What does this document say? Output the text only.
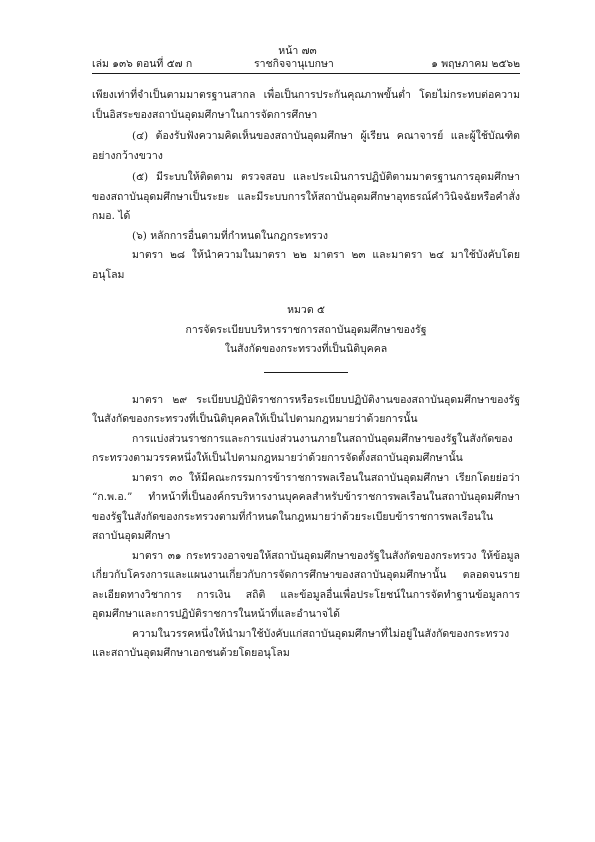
หน้า ๗๓
เล่ม ๑๓๖ ตอนที่ ๕๗ ก	ราชกิจจานุเบกษา	๑ พฤษภาคม ๒๕๖๒

เพียงเท่าที่จำเป็นตามมาตรฐานสากล เพื่อเป็นการประกันคุณภาพขั้นต่ำ โดยไม่กระทบต่อความเป็นอิสระของสถาบันอุดมศึกษาในการจัดการศึกษา

(๔) ต้องรับฟังความคิดเห็นของสถาบันอุดมศึกษา ผู้เรียน คณาจารย์ และผู้ใช้บัณฑิตอย่างกว้างขวาง

(๕) มีระบบให้ติดตาม ตรวจสอบ และประเมินการปฏิบัติตามมาตรฐานการอุดมศึกษาของสถาบันอุดมศึกษาเป็นระยะ และมีระบบการให้สถาบันอุดมศึกษาอุทธรณ์คำวินิจฉัยหรือคำสั่ง กมอ. ได้

(๖) หลักการอื่นตามที่กำหนดในกฎกระทรวง

มาตรา ๒๘ ให้นำความในมาตรา ๒๒ มาตรา ๒๓ และมาตรา ๒๔ มาใช้บังคับโดยอนุโลม

หมวด ๕

การจัดระเบียบบริหารราชการสถาบันอุดมศึกษาของรัฐ

ในสังกัดของกระทรวงที่เป็นนิติบุคคล

มาตรา ๒๙ ระเบียบปฏิบัติราชการหรือระเบียบปฏิบัติงานของสถาบันอุดมศึกษาของรัฐในสังกัดของกระทรวงที่เป็นนิติบุคคลให้เป็นไปตามกฎหมายว่าด้วยการนั้น

การแบ่งส่วนราชการและการแบ่งส่วนงานภายในสถาบันอุดมศึกษาของรัฐในสังกัดของกระทรวงตามวรรคหนึ่งให้เป็นไปตามกฎหมายว่าด้วยการจัดตั้งสถาบันอุดมศึกษานั้น

มาตรา ๓๐ ให้มีคณะกรรมการข้าราชการพลเรือนในสถาบันอุดมศึกษา เรียกโดยย่อว่า “ก.พ.อ.” ทำหน้าที่เป็นองค์กรบริหารงานบุคคลสำหรับข้าราชการพลเรือนในสถาบันอุดมศึกษาของรัฐในสังกัดของกระทรวงตามที่กำหนดในกฎหมายว่าด้วยระเบียบข้าราชการพลเรือนในสถาบันอุดมศึกษา

มาตรา ๓๑ กระทรวงอาจขอให้สถาบันอุดมศึกษาของรัฐในสังกัดของกระทรวง ให้ข้อมูลเกี่ยวกับโครงการและแผนงานเกี่ยวกับการจัดการศึกษาของสถาบันอุดมศึกษานั้น ตลอดจนรายละเอียดทางวิชาการ การเงิน สถิติ และข้อมูลอื่นเพื่อประโยชน์ในการจัดทำฐานข้อมูลการอุดมศึกษาและการปฏิบัติราชการในหน้าที่และอำนาจได้

ความในวรรคหนึ่งให้นำมาใช้บังคับแก่สถาบันอุดมศึกษาที่ไม่อยู่ในสังกัดของกระทรวง และสถาบันอุดมศึกษาเอกชนด้วยโดยอนุโลม
